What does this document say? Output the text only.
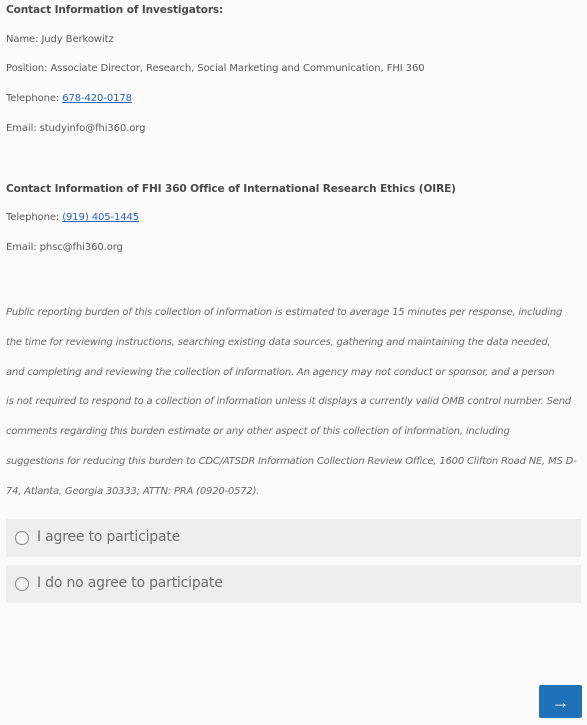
Contact Information of Investigators:
Name: Judy Berkowitz
Position: Associate Director, Research, Social Marketing and Communication, FHI 360
Telephone: 678-420-0178
Email: studyinfo@fhi360.org
Contact Information of FHI 360 Office of International Research Ethics (OIRE)
Telephone: (919) 405-1445
Email: phsc@fhi360.org
Public reporting burden of this collection of information is estimated to average 15 minutes per response, including
the time for reviewing instructions, searching existing data sources, gathering and maintaining the data needed,
and completing and reviewing the collection of information. An agency may not conduct or sponsor, and a person
is not required to respond to a collection of information unless it displays a currently valid OMB control number. Send
comments regarding this burden estimate or any other aspect of this collection of information, including
suggestions for reducing this burden to CDC/ATSDR Information Collection Review Office, 1600 Clifton Road NE, MS D-
74, Atlanta, Georgia 30333; ATTN: PRA (0920-0572).
I agree to participate
I do no agree to participate
→
